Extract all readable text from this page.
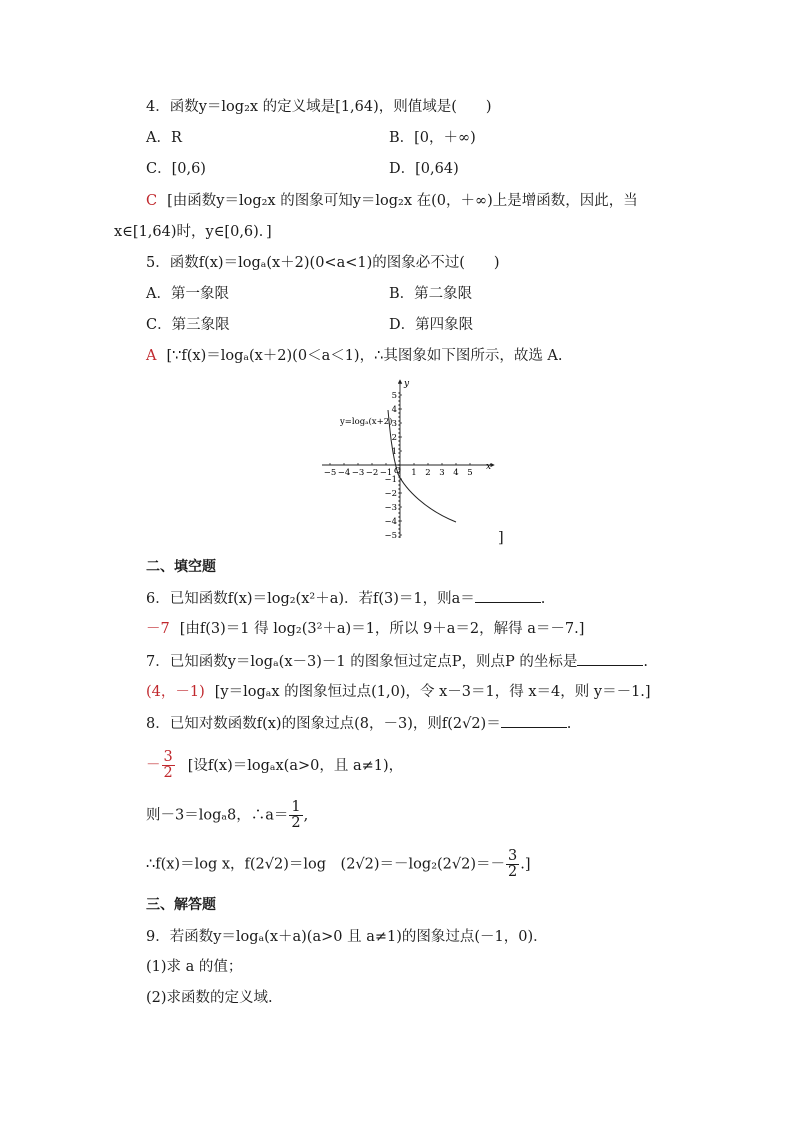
4．函数y＝log₂x 的定义域是[1,64)，则值域是(　　)
A．R	B．[0，＋∞)
C．[0,6)	D．[0,64)
C [由函数y＝log₂x 的图象可知y＝log₂x 在(0，＋∞)上是增函数，因此，当
x∈[1,64)时，y∈[0,6)．]
5．函数f(x)＝logₐ(x＋2)(0<a<1)的图象必不过(　　)
A．第一象限	B．第二象限
C．第三象限	D．第四象限
A [∵f(x)＝logₐ(x＋2)(0＜a＜1)，∴其图象如下图所示，故选 A.
−5 −4 −3 −2 −1 1 2 3 4 5
5
4
3
2
1
−1
−2
−3
−4
−5
y=logₐ(x+2)
x
y
O
]
二、填空题
6．已知函数f(x)＝log₂(x²＋a)．若f(3)＝1，则a＝	.
－7 [由f(3)＝1 得 log₂(3²＋a)＝1，所以 9＋a＝2，解得 a＝－7.]
7．已知函数y＝logₐ(x－3)－1 的图象恒过定点P，则点P 的坐标是	.
(4，－1) [y＝logₐx 的图象恒过点(1,0)，令 x－3＝1，得 x＝4，则 y＝－1.]
8．已知对数函数f(x)的图象过点(8，－3)，则f(2√2)＝	.
－ $\frac{3}{2}$ [设f(x)＝logₐx(a>0，且 a≠1)，
则－3＝logₐ8，∴a＝ $\frac{1}{2}$ ,
∴f(x)＝log x，f(2√2)＝log　$(2√2)=-\log_2(2√2)=- \frac{3}{2}$ .]
三、解答题
9．若函数y＝logₐ(x＋a)(a>0 且 a≠1)的图象过点(－1，0)．
(1)求 a 的值；
(2)求函数的定义域.
